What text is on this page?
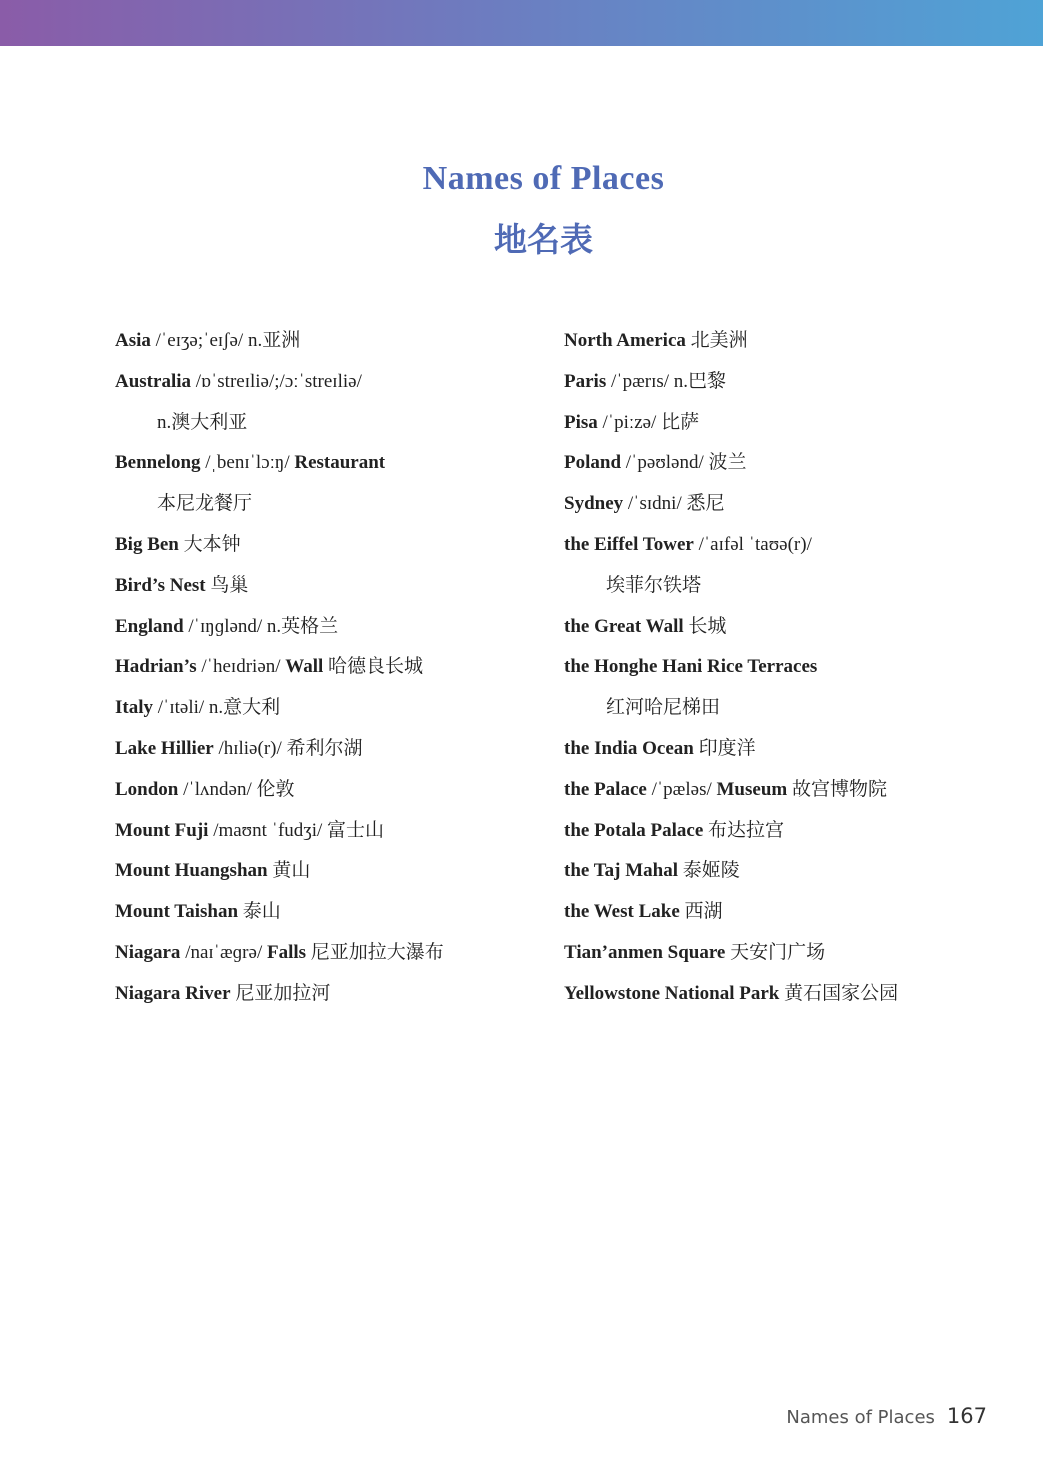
Names of Places
地名表
Asia /ˈeɪʒə;ˈeɪʃə/ n.亚洲
Australia /ɒˈstreɪliə/;/ɔːˈstreɪliə/
n.澳大利亚
Bennelong /ˌbenɪˈlɔːŋ/ Restaurant
本尼龙餐厅
Big Ben 大本钟
Bird’s Nest 鸟巢
England /ˈɪŋɡlənd/ n.英格兰
Hadrian’s /ˈheɪdriən/ Wall 哈德良长城
Italy /ˈɪtəli/ n.意大利
Lake Hillier /hɪliə(r)/ 希利尔湖
London /ˈlʌndən/ 伦敦
Mount Fuji /maʊnt ˈfudʒi/ 富士山
Mount Huangshan 黄山
Mount Taishan 泰山
Niagara /naɪˈæɡrə/ Falls 尼亚加拉大瀑布
Niagara River 尼亚加拉河
North America 北美洲
Paris /ˈpærɪs/ n.巴黎
Pisa /ˈpiːzə/ 比萨
Poland /ˈpəʊlənd/ 波兰
Sydney /ˈsɪdni/ 悉尼
the Eiffel Tower /ˈaɪfəl ˈtaʊə(r)/
埃菲尔铁塔
the Great Wall 长城
the Honghe Hani Rice Terraces
红河哈尼梯田
the India Ocean 印度洋
the Palace /ˈpæləs/ Museum 故宫博物院
the Potala Palace 布达拉宫
the Taj Mahal 泰姬陵
the West Lake 西湖
Tian’anmen Square 天安门广场
Yellowstone National Park 黄石国家公园
Names of Places 167
